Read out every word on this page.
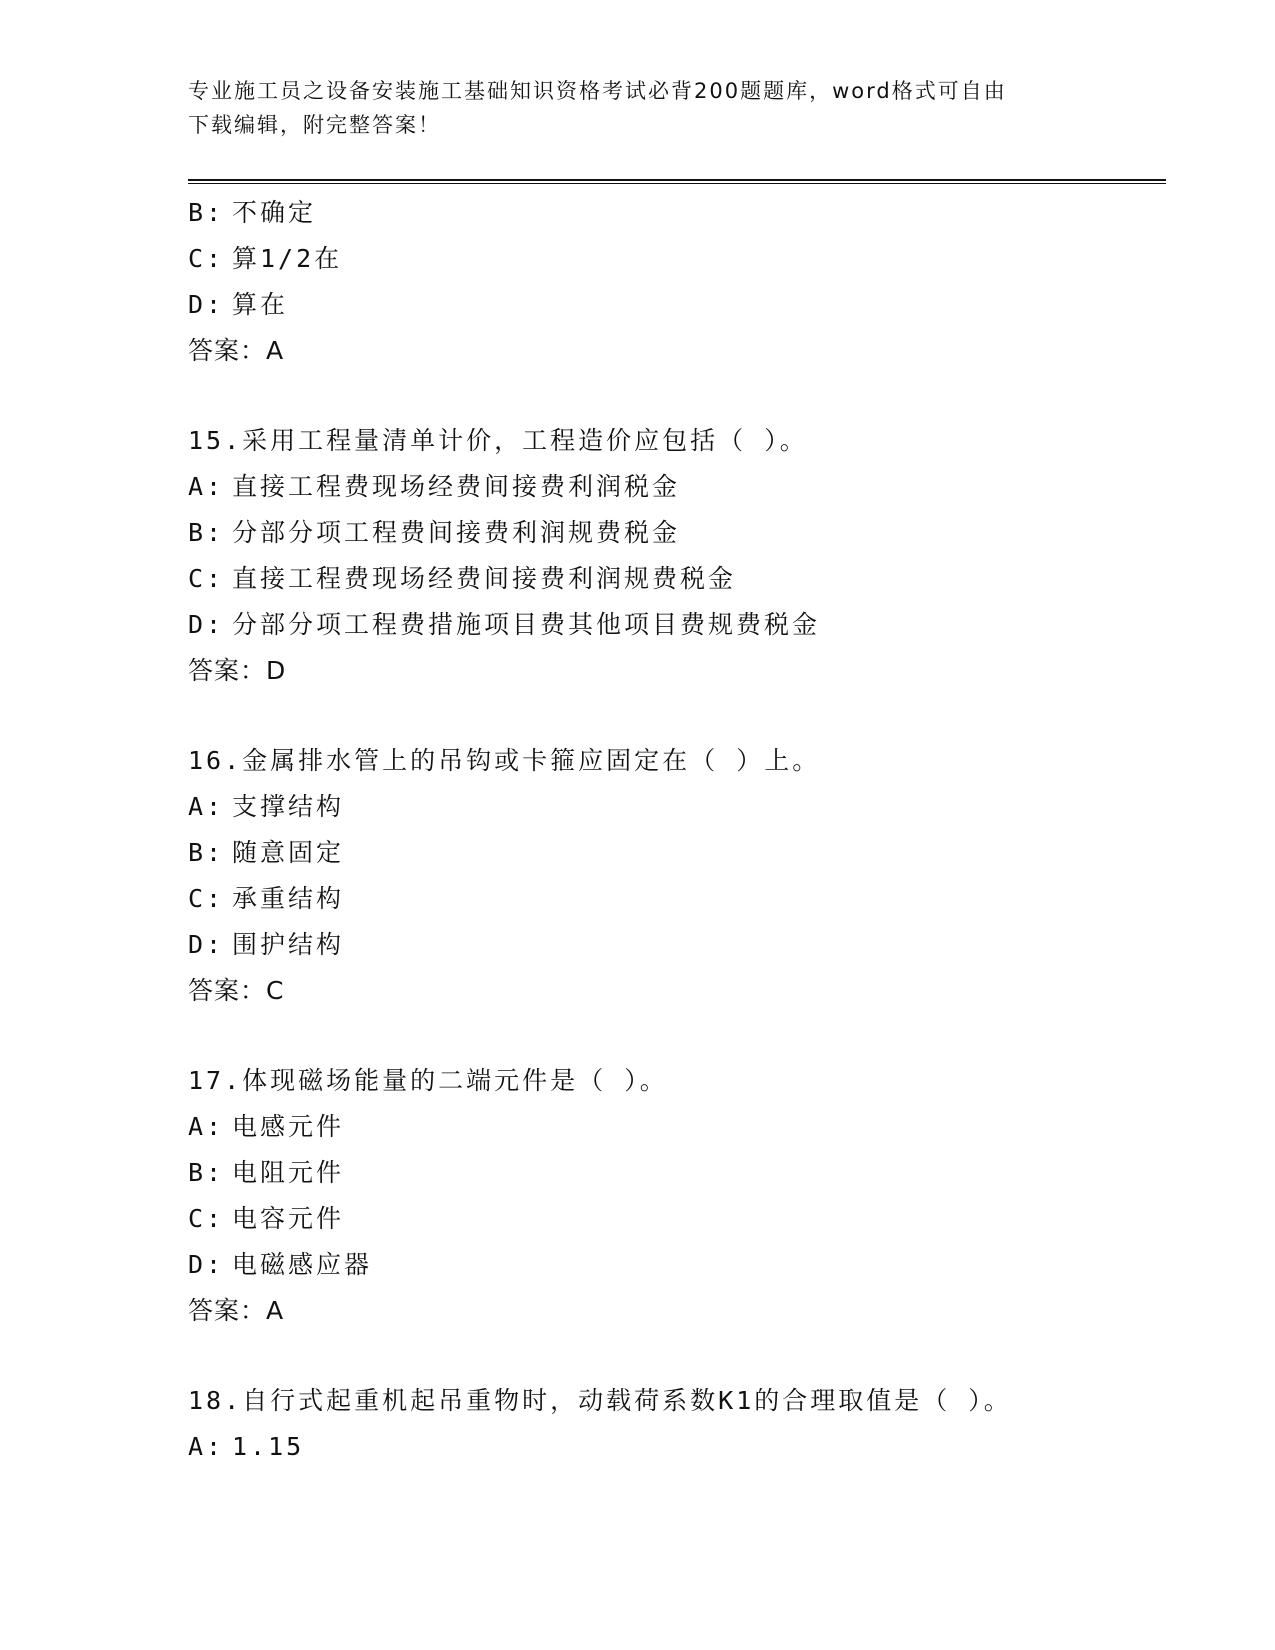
专业施工员之设备安装施工基础知识资格考试必背200题题库，word格式可自由
下载编辑，附完整答案！
B: 不确定
C: 算1/2在
D: 算在
答案：A
15.采用工程量清单计价，工程造价应包括（ ）。
A: 直接工程费现场经费间接费利润税金
B: 分部分项工程费间接费利润规费税金
C: 直接工程费现场经费间接费利润规费税金
D: 分部分项工程费措施项目费其他项目费规费税金
答案：D
16.金属排水管上的吊钩或卡箍应固定在（ ）上。
A: 支撑结构
B: 随意固定
C: 承重结构
D: 围护结构
答案：C
17.体现磁场能量的二端元件是（ ）。
A: 电感元件
B: 电阻元件
C: 电容元件
D: 电磁感应器
答案：A
18.自行式起重机起吊重物时，动载荷系数K1的合理取值是（ ）。
A: 1.15
